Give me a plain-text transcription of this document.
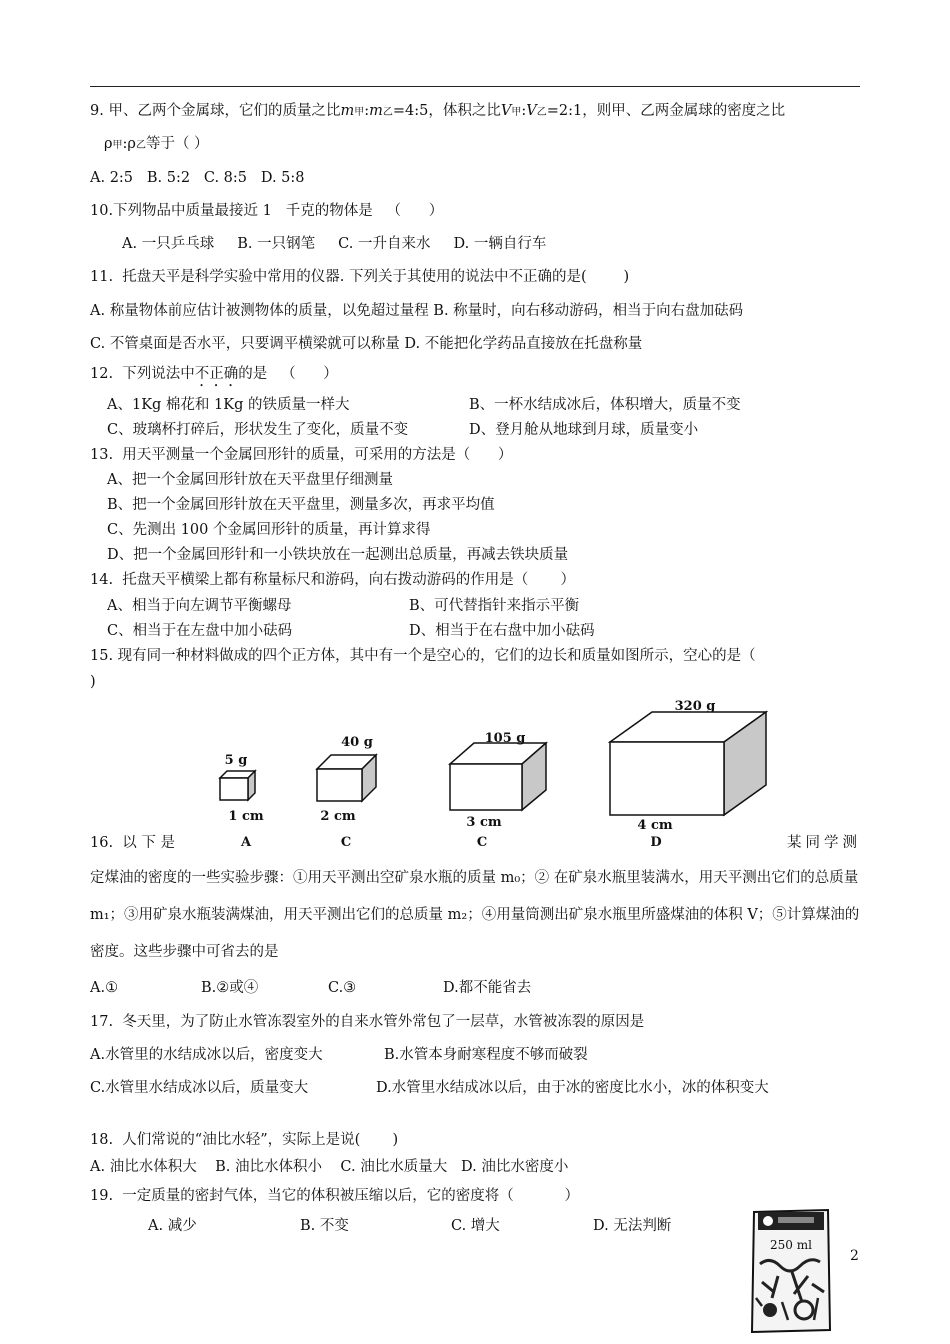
9. 甲、乙两个金属球，它们的质量之比m甲:m乙=4:5，体积之比V甲:V乙=2:1，则甲、乙两金属球的密度之比
ρ甲:ρ乙等于（ ）
A. 2:5   B. 5:2   C. 8:5   D. 5:8
10.下列物品中质量最接近 1   千克的物体是   （      ）
A. 一只乒乓球     B. 一只钢笔     C. 一升自来水     D. 一辆自行车
11.  托盘天平是科学实验中常用的仪器. 下列关于其使用的说法中不正确的是(        )
A. 称量物体前应估计被测物体的质量，以免超过量程 B. 称量时，向右移动游码，相当于向右盘加砝码
C. 不管桌面是否水平，只要调平横梁就可以称量 D. 不能把化学药品直接放在托盘称量
12.  下列说法中不正确的是   （      ）
A、1Kg 棉花和 1Kg 的铁质量一样大	B、一杯水结成冰后，体积增大，质量不变
C、玻璃杯打碎后，形状发生了变化，质量不变	D、登月舱从地球到月球，质量变小
13.  用天平测量一个金属回形针的质量，可采用的方法是（      ）
A、把一个金属回形针放在天平盘里仔细测量
B、把一个金属回形针放在天平盘里，测量多次，再求平均值
C、先测出 100 个金属回形针的质量，再计算求得
D、把一个金属回形针和一小铁块放在一起测出总质量，再减去铁块质量
14.  托盘天平横梁上都有称量标尺和游码，向右拨动游码的作用是（       ）
A、相当于向左调节平衡螺母	B、可代替指针来指示平衡
C、相当于在左盘中加小砝码	D、相当于在右盘中加小砝码
15. 现有同一种材料做成的四个正方体，其中有一个是空心的，它们的边长和质量如图所示，空心的是（
)
5 g
1 cm
A
40 g
2 cm
C
105 g
3 cm
C
320 g
4 cm
D
16.  以 下 是	某同学测
定煤油的密度的一些实验步骤：①用天平测出空矿泉水瓶的质量 m₀；② 在矿泉水瓶里装满水，用天平测出它们的总质量 m₁；③用矿泉水瓶装满煤油，用天平测出它们的总质量 m₂；④用量筒测出矿泉水瓶里所盛煤油的体积 V；⑤计算煤油的密度。这些步骤中可省去的是
A.①	B.②或④	C.③	D.都不能省去
17.  冬天里，为了防止水管冻裂室外的自来水管外常包了一层草，水管被冻裂的原因是
A.水管里的水结成冰以后，密度变大	B.水管本身耐寒程度不够而破裂
C.水管里水结成冰以后，质量变大	D.水管里水结成冰以后，由于冰的密度比水小，冰的体积变大
18.  人们常说的“油比水轻”，实际上是说(       )
A. 油比水体积大    B. 油比水体积小    C. 油比水质量大   D. 油比水密度小
19.  一定质量的密封气体，当它的体积被压缩以后，它的密度将（           ）
A. 减少	B. 不变	C. 增大	D. 无法判断
250 ml
2
